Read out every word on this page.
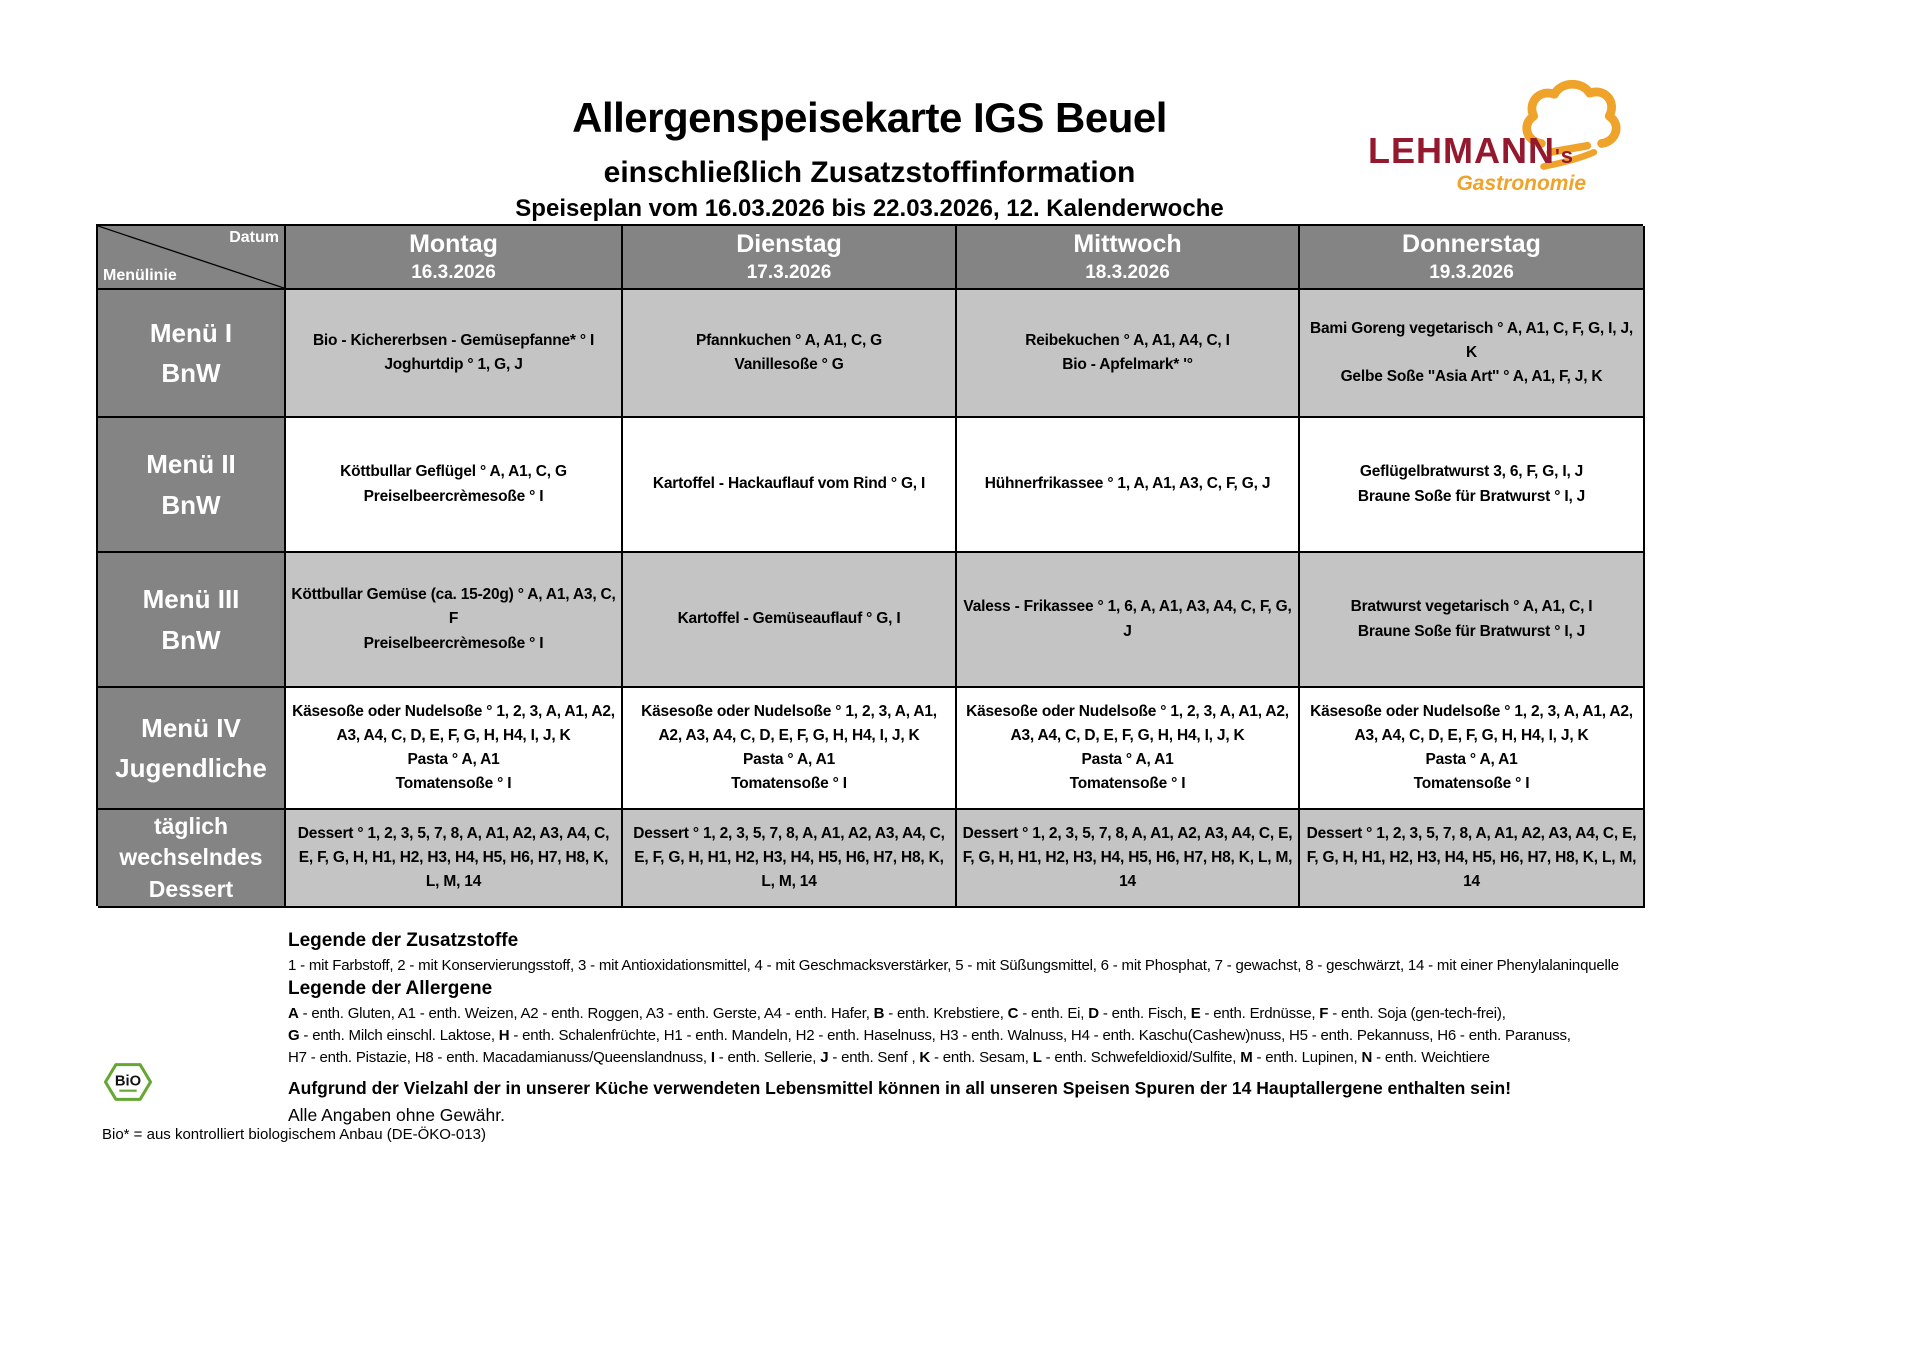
Allergenspeisekarte IGS Beuel
einschließlich Zusatzstoffinformation
Speiseplan vom 16.03.2026 bis 22.03.2026, 12. Kalenderwoche
LEHMANN's
Gastronomie
Datum
Menülinie
Montag
16.3.2026
Dienstag
17.3.2026
Mittwoch
18.3.2026
Donnerstag
19.3.2026
Menü I
BnW
Bio - Kichererbsen - Gemüsepfanne* ° I
Joghurtdip ° 1, G, J
Pfannkuchen ° A, A1, C, G
Vanillesoße ° G
Reibekuchen ° A, A1, A4, C, I
Bio - Apfelmark* '°
Bami Goreng vegetarisch ° A, A1, C, F, G, I, J, K
Gelbe Soße ''Asia Art'' ° A, A1, F, J, K
Menü II
BnW
Köttbullar Geflügel ° A, A1, C, G
Preiselbeercrèmesoße ° I
Kartoffel - Hackauflauf vom Rind ° G, I	Hühnerfrikassee ° 1, A, A1, A3, C, F, G, J
Geflügelbratwurst 3, 6, F, G, I, J
Braune Soße für Bratwurst ° I, J
Menü III
BnW
Köttbullar Gemüse (ca. 15-20g) ° A, A1, A3, C, F
Preiselbeercrèmesoße ° I
Kartoffel - Gemüseauflauf ° G, I
Valess - Frikassee ° 1, 6, A, A1, A3, A4, C, F, G, J
Bratwurst vegetarisch ° A, A1, C, I
Braune Soße für Bratwurst ° I, J
Menü IV
Jugendliche
Käsesoße oder Nudelsoße ° 1, 2, 3, A, A1, A2, A3, A4, C, D, E, F, G, H, H4, I, J, K
Pasta ° A, A1
Tomatensoße ° I
Käsesoße oder Nudelsoße ° 1, 2, 3, A, A1, A2, A3, A4, C, D, E, F, G, H, H4, I, J, K
Pasta ° A, A1
Tomatensoße ° I
Käsesoße oder Nudelsoße ° 1, 2, 3, A, A1, A2, A3, A4, C, D, E, F, G, H, H4, I, J, K
Pasta ° A, A1
Tomatensoße ° I
Käsesoße oder Nudelsoße ° 1, 2, 3, A, A1, A2, A3, A4, C, D, E, F, G, H, H4, I, J, K
Pasta ° A, A1
Tomatensoße ° I
täglich
wechselndes
Dessert
Dessert ° 1, 2, 3, 5, 7, 8, A, A1, A2, A3, A4, C, E, F, G, H, H1, H2, H3, H4, H5, H6, H7, H8, K, L, M, 14
Dessert ° 1, 2, 3, 5, 7, 8, A, A1, A2, A3, A4, C, E, F, G, H, H1, H2, H3, H4, H5, H6, H7, H8, K, L, M, 14
Dessert ° 1, 2, 3, 5, 7, 8, A, A1, A2, A3, A4, C, E, F, G, H, H1, H2, H3, H4, H5, H6, H7, H8, K, L, M, 14
Dessert ° 1, 2, 3, 5, 7, 8, A, A1, A2, A3, A4, C, E, F, G, H, H1, H2, H3, H4, H5, H6, H7, H8, K, L, M, 14
Legende der Zusatzstoffe
1 - mit Farbstoff, 2 - mit Konservierungsstoff, 3 - mit Antioxidationsmittel, 4 - mit Geschmacksverstärker, 5 - mit Süßungsmittel, 6 - mit Phosphat, 7 - gewachst, 8 - geschwärzt, 14 - mit einer Phenylalaninquelle
Legende der Allergene
A - enth. Gluten, A1 - enth. Weizen, A2 - enth. Roggen, A3 - enth. Gerste, A4 - enth. Hafer, B - enth. Krebstiere, C - enth. Ei, D - enth. Fisch, E - enth. Erdnüsse, F - enth. Soja (gen-tech-frei),
G - enth. Milch einschl. Laktose, H - enth. Schalenfrüchte, H1 - enth. Mandeln, H2 - enth. Haselnuss, H3 - enth. Walnuss, H4 - enth. Kaschu(Cashew)nuss, H5 - enth. Pekannuss, H6 - enth. Paranuss,
H7 - enth. Pistazie, H8 - enth. Macadamianuss/Queenslandnuss, I - enth. Sellerie, J - enth. Senf , K - enth. Sesam, L - enth. Schwefeldioxid/Sulfite, M - enth. Lupinen, N - enth. Weichtiere
Aufgrund der Vielzahl der in unserer Küche verwendeten Lebensmittel können in all unseren Speisen Spuren der 14 Hauptallergene enthalten sein!
Alle Angaben ohne Gewähr.
BiO
Bio* = aus kontrolliert biologischem Anbau (DE-ÖKO-013)
